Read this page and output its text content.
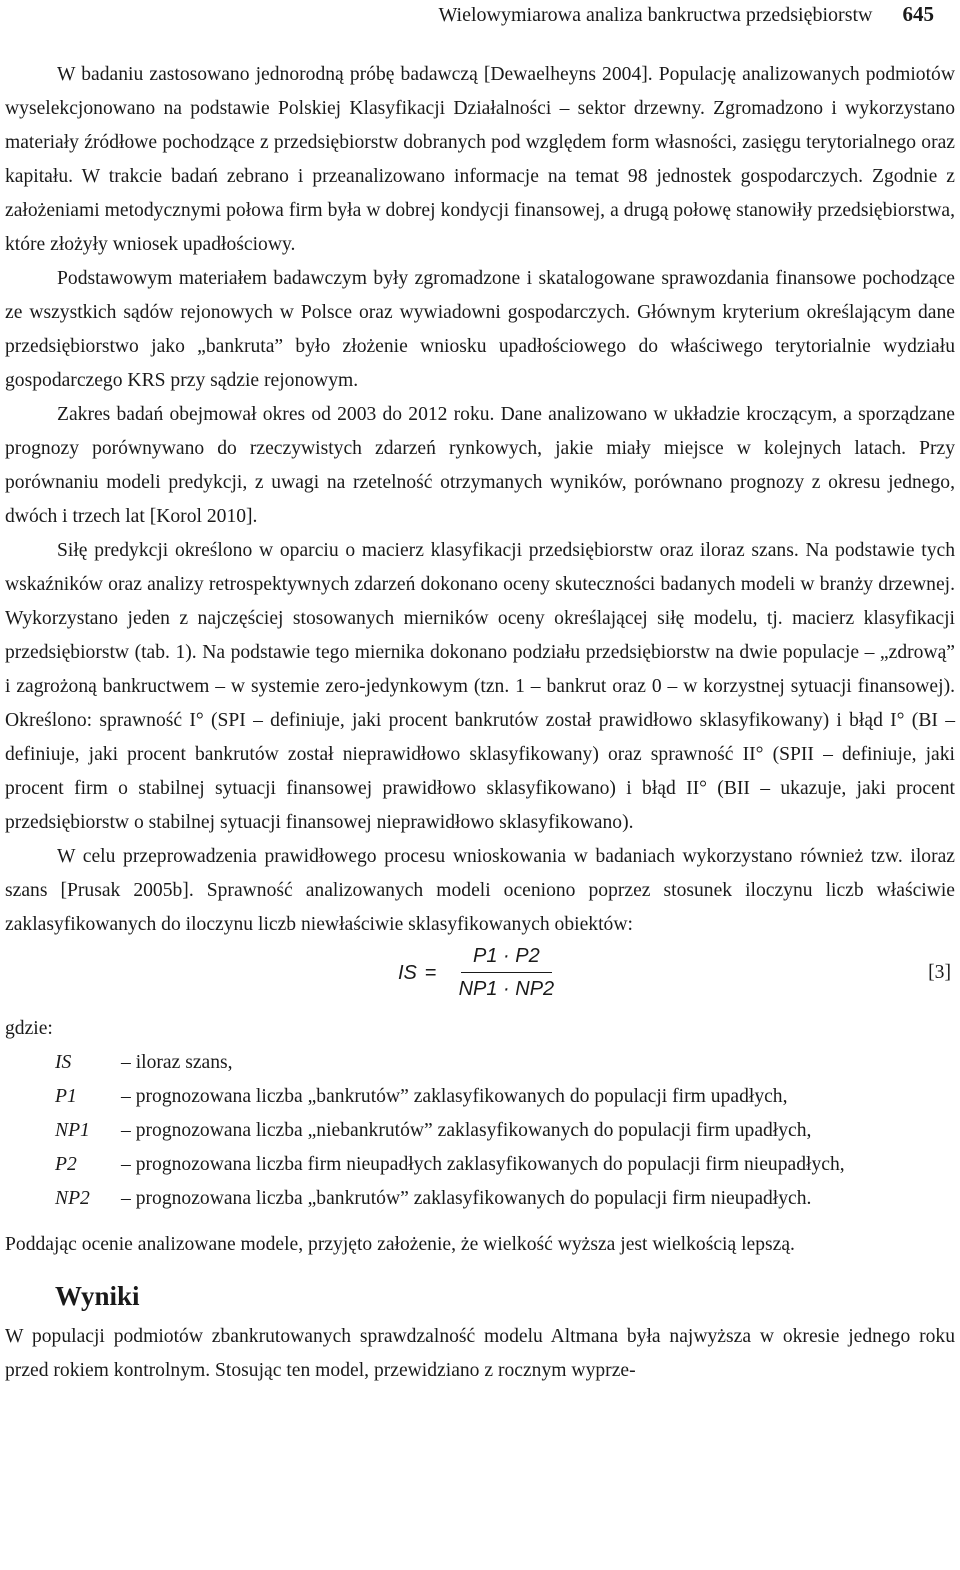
Wielowymiarowa analiza bankructwa przedsiębiorstw 645

W badaniu zastosowano jednorodną próbę badawczą [Dewaelheyns 2004]. Populację analizowanych podmiotów wyselekcjonowano na podstawie Polskiej Klasyfikacji Działalności – sektor drzewny. Zgromadzono i wykorzystano materiały źródłowe pochodzące z przedsiębiorstw dobranych pod względem form własności, zasięgu terytorialnego oraz kapitału. W trakcie badań zebrano i przeanalizowano informacje na temat 98 jednostek gospodarczych. Zgodnie z założeniami metodycznymi połowa firm była w dobrej kondycji finansowej, a drugą połowę stanowiły przedsiębiorstwa, które złożyły wniosek upadłościowy.

Podstawowym materiałem badawczym były zgromadzone i skatalogowane sprawozdania finansowe pochodzące ze wszystkich sądów rejonowych w Polsce oraz wywiadowni gospodarczych. Głównym kryterium określającym dane przedsiębiorstwo jako „bankruta” było złożenie wniosku upadłościowego do właściwego terytorialnie wydziału gospodarczego KRS przy sądzie rejonowym.

Zakres badań obejmował okres od 2003 do 2012 roku. Dane analizowano w układzie kroczącym, a sporządzane prognozy porównywano do rzeczywistych zdarzeń rynkowych, jakie miały miejsce w kolejnych latach. Przy porównaniu modeli predykcji, z uwagi na rzetelność otrzymanych wyników, porównano prognozy z okresu jednego, dwóch i trzech lat [Korol 2010].

Siłę predykcji określono w oparciu o macierz klasyfikacji przedsiębiorstw oraz iloraz szans. Na podstawie tych wskaźników oraz analizy retrospektywnych zdarzeń dokonano oceny skuteczności badanych modeli w branży drzewnej. Wykorzystano jeden z najczęściej stosowanych mierników oceny określającej siłę modelu, tj. macierz klasyfikacji przedsiębiorstw (tab. 1). Na podstawie tego miernika dokonano podziału przedsiębiorstw na dwie populacje – „zdrową” i zagrożoną bankructwem – w systemie zero-jedynkowym (tzn. 1 – bankrut oraz 0 – w korzystnej sytuacji finansowej). Określono: sprawność I° (SPI – definiuje, jaki procent bankrutów został prawidłowo sklasyfikowany) i błąd I° (BI – definiuje, jaki procent bankrutów został nieprawidłowo sklasyfikowany) oraz sprawność II° (SPII – definiuje, jaki procent firm o stabilnej sytuacji finansowej prawidłowo sklasyfikowano) i błąd II° (BII – ukazuje, jaki procent przedsiębiorstw o stabilnej sytuacji finansowej nieprawidłowo sklasyfikowano).

W celu przeprowadzenia prawidłowego procesu wnioskowania w badaniach wykorzystano również tzw. iloraz szans [Prusak 2005b]. Sprawność analizowanych modeli oceniono poprzez stosunek iloczynu liczb właściwie zaklasyfikowanych do iloczynu liczb niewłaściwie sklasyfikowanych obiektów:

IS = $\frac{P1 \cdot P2}{NP1 \cdot NP2}$	[3]

gdzie:

IS	– iloraz szans,
P1	– prognozowana liczba „bankrutów” zaklasyfikowanych do populacji firm upadłych,
NP1	– prognozowana liczba „niebankrutów” zaklasyfikowanych do populacji firm upadłych,
P2	– prognozowana liczba firm nieupadłych zaklasyfikowanych do populacji firm nieupadłych,
NP2	– prognozowana liczba „bankrutów” zaklasyfikowanych do populacji firm nieupadłych.

Poddając ocenie analizowane modele, przyjęto założenie, że wielkość wyższa jest wielkością lepszą.

Wyniki

W populacji podmiotów zbankrutowanych sprawdzalność modelu Altmana była najwyższa w okresie jednego roku przed rokiem kontrolnym. Stosując ten model, przewidziano z rocznym wyprze-
